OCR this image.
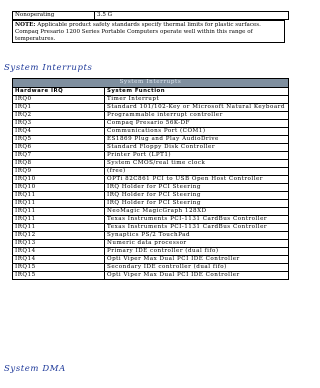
Nonoperating	3.5 G
NOTE: Applicable product safety standards specify thermal limits for plastic surfaces. Compaq Presario 1200 Series Portable Computers operate well within this range of temperatures.
System Interrupts
System Interrupts	
Hardware IRQ	System Function
IRQ0	Timer Interrupt
IRQ1	Standard 101/102-Key or Microsoft Natural Keyboard
IRQ2	Programmable interrupt controller
IRQ3	Compaq Presario 56K-DF
IRQ4	Communications Port (COM1)
IRQ5	ES1869 Plug and Play AudioDrive
IRQ6	Standard Floppy Disk Controller
IRQ7	Printer Port (LPT1)
IRQ8	System CMOS/real time clock
IRQ9	(free)
IRQ10	OPTi 82C861 PCI to USB Open Host Controller
IRQ10	IRQ Holder for PCI Steering
IRQ11	IRQ Holder for PCI Steering
IRQ11	IRQ Holder for PCI Steering
IRQ11	NeoMagic MagicGraph 128XD
IRQ11	Texas Instruments PCI-1131 CardBus Controller
IRQ11	Texas Instruments PCI-1131 CardBus Controller
IRQ12	Synaptics PS/2 TouchPad
IRQ13	Numeric data processor
IRQ14	Primary IDE controller (dual fifo)
IRQ14	Opti Viper Max Dual PCI IDE Controller
IRQ15	Secondary IDE controller (dual fifo)
IRQ15	Opti Viper Max Dual PCI IDE Controller
System DMA
